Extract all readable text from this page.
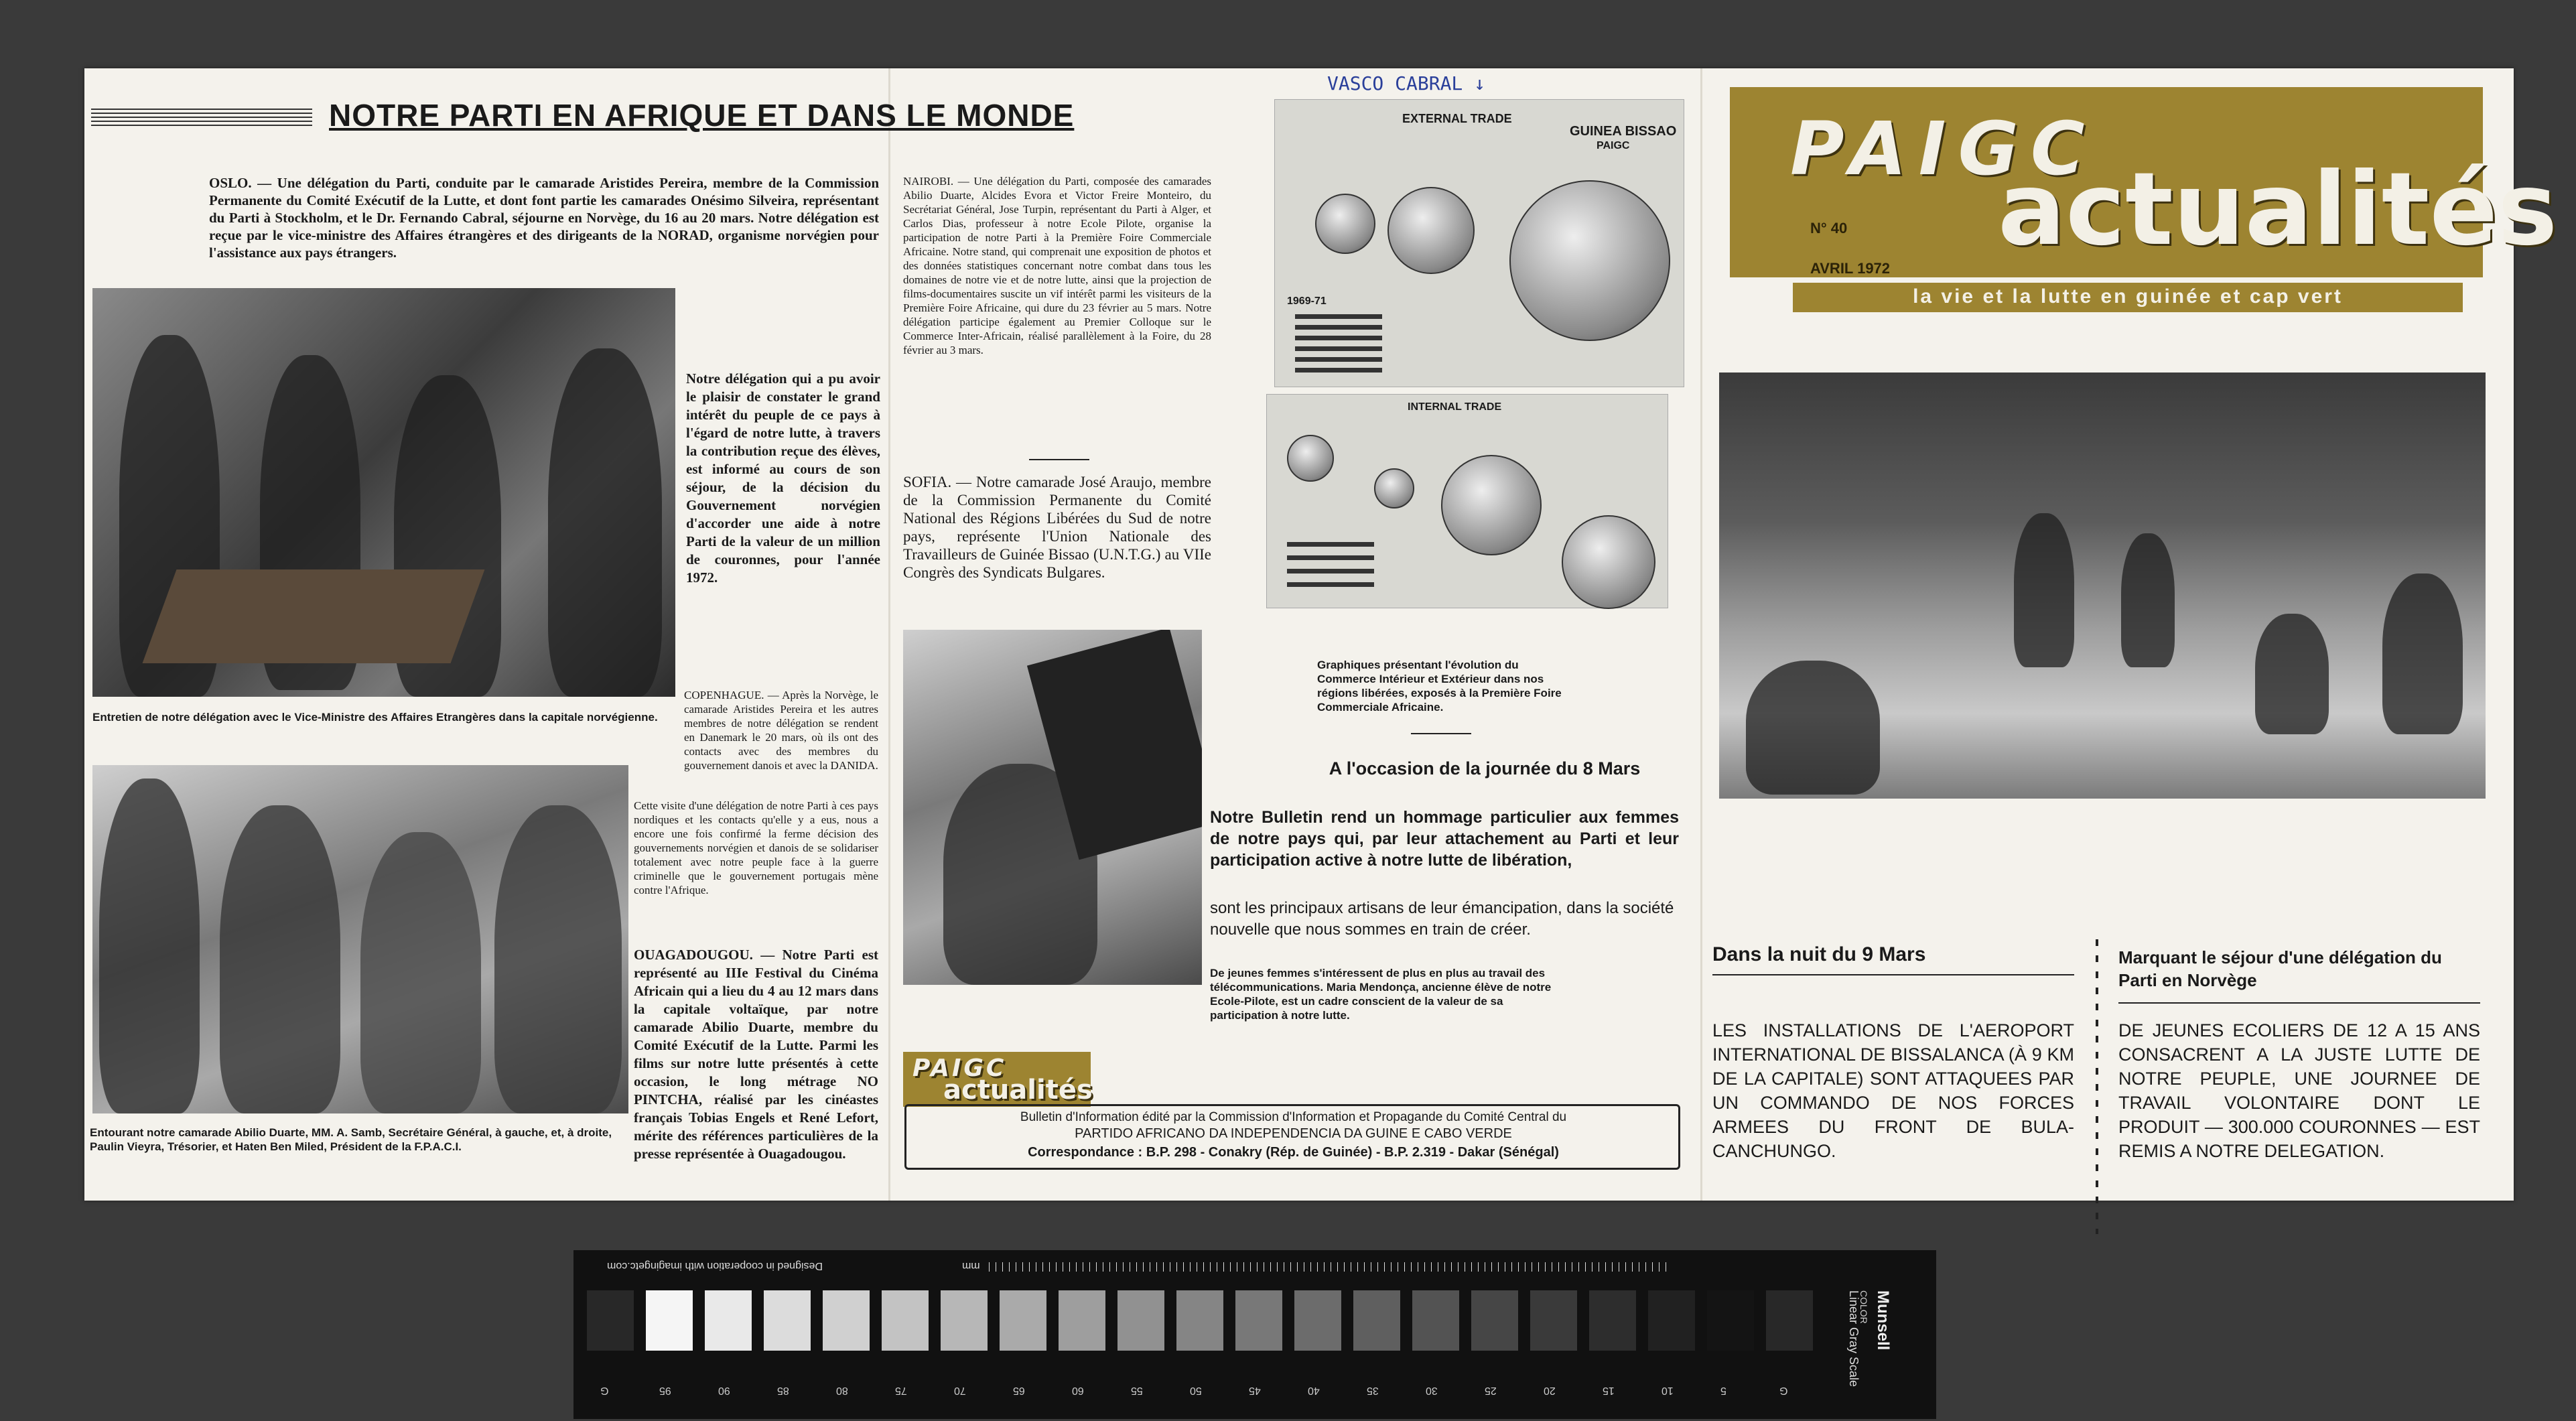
NOTRE PARTI EN AFRIQUE ET DANS LE MONDE
OSLO. — Une délégation du Parti, conduite par le camarade Aristides Pereira, membre de la Commission Permanente du Comité Exécutif de la Lutte, et dont font partie les camarades Onésimo Silveira, représentant du Parti à Stockholm, et le Dr. Fernando Cabral, séjourne en Norvège, du 16 au 20 mars. Notre délégation est reçue par le vice-ministre des Affaires étrangères et des dirigeants de la NORAD, organisme norvégien pour l'assistance aux pays étrangers.
Notre délégation qui a pu avoir le plaisir de constater le grand intérêt du peuple de ce pays à l'égard de notre lutte, à travers la contribution reçue des élèves, est informé au cours de son séjour, de la décision du Gouvernement norvégien d'accorder une aide à notre Parti de la valeur de un million de couronnes, pour l'année 1972.
Entretien de notre délégation avec le Vice-Ministre des Affaires Etrangères dans la capitale norvégienne.
COPENHAGUE. — Après la Norvège, le camarade Aristides Pereira et les autres membres de notre délégation se rendent en Danemark le 20 mars, où ils ont des contacts avec des membres du gouvernement danois et avec la DANIDA.
Cette visite d'une délégation de notre Parti à ces pays nordiques et les contacts qu'elle y a eus, nous a encore une fois confirmé la ferme décision des gouvernements norvégien et danois de se solidariser totalement avec notre peuple face à la guerre criminelle que le gouvernement portugais mène contre l'Afrique.
OUAGADOUGOU. — Notre Parti est représenté au IIIe Festival du Cinéma Africain qui a lieu du 4 au 12 mars dans la capitale voltaïque, par notre camarade Abilio Duarte, membre du Comité Exécutif de la Lutte. Parmi les films sur notre lutte présentés à cette occasion, le long métrage NO PINTCHA, réalisé par les cinéastes français Tobias Engels et René Lefort, mérite des références particulières de la presse représentée à Ouagadougou.
Entourant notre camarade Abilio Duarte, MM. A. Samb, Secrétaire Général, à gauche, et, à droite, Paulin Vieyra, Trésorier, et Haten Ben Miled, Président de la F.P.A.C.I.
NAIROBI. — Une délégation du Parti, composée des camarades Abilio Duarte, Alcides Evora et Victor Freire Monteiro, du Secrétariat Général, Jose Turpin, représentant du Parti à Alger, et Carlos Dias, professeur à notre Ecole Pilote, organise la participation de notre Parti à la Première Foire Commerciale Africaine. Notre stand, qui comprenait une exposition de photos et des données statistiques concernant notre combat dans tous les domaines de notre vie et de notre lutte, ainsi que la projection de films-documentaires suscite un vif intérêt parmi les visiteurs de la Première Foire Africaine, qui dure du 23 février au 5 mars. Notre délégation participe également au Premier Colloque sur le Commerce Inter-Africain, réalisé parallèlement à la Foire, du 28 février au 3 mars.
SOFIA. — Notre camarade José Araujo, membre de la Commission Permanente du Comité National des Régions Libérées du Sud de notre pays, représente l'Union Nationale des Travailleurs de Guinée Bissao (U.N.T.G.) au VIIe Congrès des Syndicats Bulgares.
VASCO CABRAL ↓
EXTERNAL TRADE
GUINEA BISSAO
PAIGC
1969-71
INTERNAL TRADE
Graphiques présentant l'évolution du Commerce Intérieur et Extérieur dans nos régions libérées, exposés à la Première Foire Commerciale Africaine.
A l'occasion de la journée du 8 Mars
Notre Bulletin rend un hommage particulier aux femmes de notre pays qui, par leur attachement au Parti et leur participation active à notre lutte de libération,
sont les principaux artisans de leur émancipation, dans la société nouvelle que nous sommes en train de créer.
De jeunes femmes s'intéressent de plus en plus au travail des télécommunications. Maria Mendonça, ancienne élève de notre Ecole-Pilote, est un cadre conscient de la valeur de sa participation à notre lutte.
PAIGC
actualités
Bulletin d'Information édité par la Commission d'Information et Propagande du Comité Central du
PARTIDO AFRICANO DA INDEPENDENCIA DA GUINE E CABO VERDE
Correspondance : B.P. 298 - Conakry (Rép. de Guinée) - B.P. 2.319 - Dakar (Sénégal)
PAIGC
actualités
N° 40
AVRIL 1972
la vie et la lutte en guinée et cap vert
Dans la nuit du 9 Mars
LES INSTALLATIONS DE L'AEROPORT INTERNATIONAL DE BISSALANCA (À 9 KM DE LA CAPITALE) SONT ATTAQUEES PAR UN COMMANDO DE NOS FORCES ARMEES DU FRONT DE BULA-CANCHUNGO.
Marquant le séjour d'une délégation du Parti en Norvège
DE JEUNES ECOLIERS DE 12 A 15 ANS CONSACRENT A LA JUSTE LUTTE DE NOTRE PEUPLE, UNE JOURNEE DE TRAVAIL VOLONTAIRE DONT LE PRODUIT — 300.000 COURONNES — EST REMIS A NOTRE DELEGATION.
Designed in cooperation with imagingetc.com	mm
G	95	90	85	80	75	70	65	60	55	50	45	40	35	30	25	20	15	10	5	G
Munsell
COLOR
Linear Gray Scale
